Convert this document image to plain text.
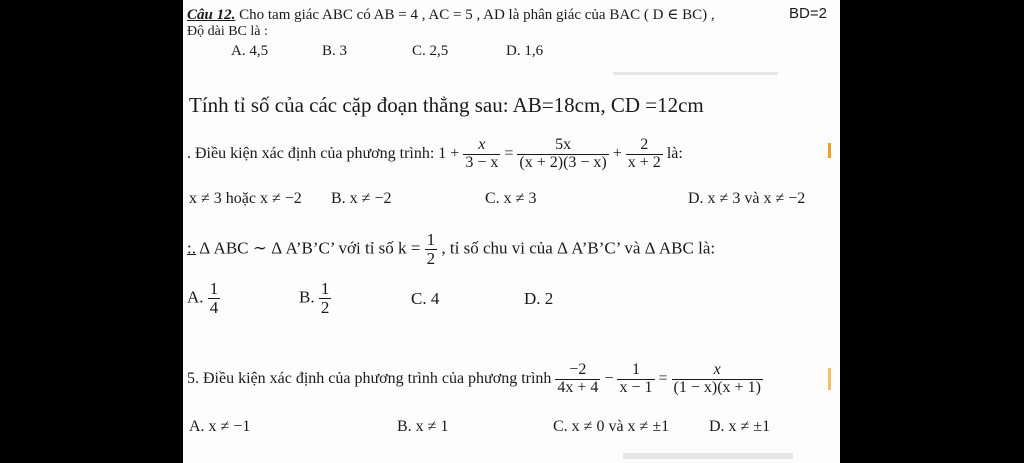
Câu 12. Cho tam giác ABC có AB = 4 , AC = 5 , AD là phân giác của BAC ( D ∈ BC) ,	BD=2
Độ dài BC là :
A. 4,5	B. 3	C. 2,5	D. 1,6
Tính tỉ số của các cặp đoạn thẳng sau: AB=18cm, CD =12cm
. Điều kiện xác định của phương trình: $1 + \frac{x}{3 - x} = \frac{5x}{(x + 2)(3 - x)} + \frac{2}{x + 2}$ là:
x ≠ 3 hoặc x ≠ −2 B. x ≠ −2	C. x ≠ 3	D. x ≠ 3 và x ≠ −2
:. Δ ABC ∼ Δ A’B’C’ với tỉ số $k = \frac{1}{2}$ , tỉ số chu vi của Δ A’B’C’ và Δ ABC là:
A. $\frac{1}{4}$	B. $\frac{1}{2}$	C. 4	D. 2
5. Điều kiện xác định của phương trình của phương trình $\frac{-2}{4x + 4} - \frac{1}{x - 1} = \frac{x}{(1 - x)(x + 1)}$
A. x ≠ −1	B. x ≠ 1	C. x ≠ 0 và x ≠ ±1 D. x ≠ ±1
